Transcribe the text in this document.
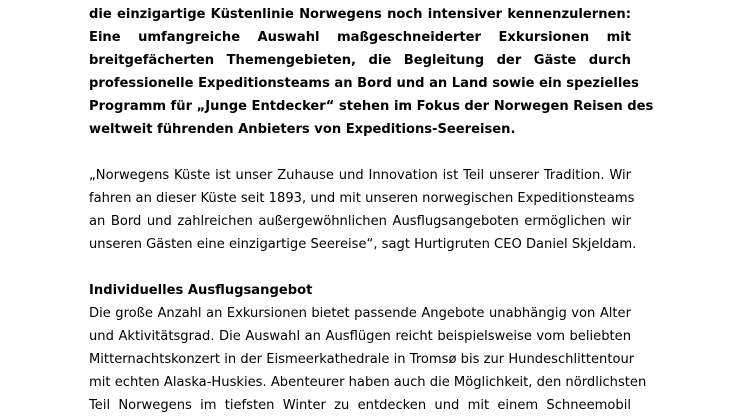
die einzigartige Küstenlinie Norwegens noch intensiver kennenzulernen:
Eine umfangreiche Auswahl maßgeschneiderter Exkursionen mit
breitgefächerten Themengebieten, die Begleitung der Gäste durch
professionelle Expeditionsteams an Bord und an Land sowie ein spezielles
Programm für „Junge Entdecker“ stehen im Fokus der Norwegen Reisen des
weltweit führenden Anbieters von Expeditions-Seereisen.
„Norwegens Küste ist unser Zuhause und Innovation ist Teil unserer Tradition. Wir
fahren an dieser Küste seit 1893, und mit unseren norwegischen Expeditionsteams
an Bord und zahlreichen außergewöhnlichen Ausflugsangeboten ermöglichen wir
unseren Gästen eine einzigartige Seereise“, sagt Hurtigruten CEO Daniel Skjeldam.
Individuelles Ausflugsangebot
Die große Anzahl an Exkursionen bietet passende Angebote unabhängig von Alter
und Aktivitätsgrad. Die Auswahl an Ausflügen reicht beispielsweise vom beliebten
Mitternachtskonzert in der Eismeerkathedrale in Tromsø bis zur Hundeschlittentour
mit echten Alaska-Huskies. Abenteurer haben auch die Möglichkeit, den nördlichsten
Teil Norwegens im tiefsten Winter zu entdecken und mit einem Schneemobil
